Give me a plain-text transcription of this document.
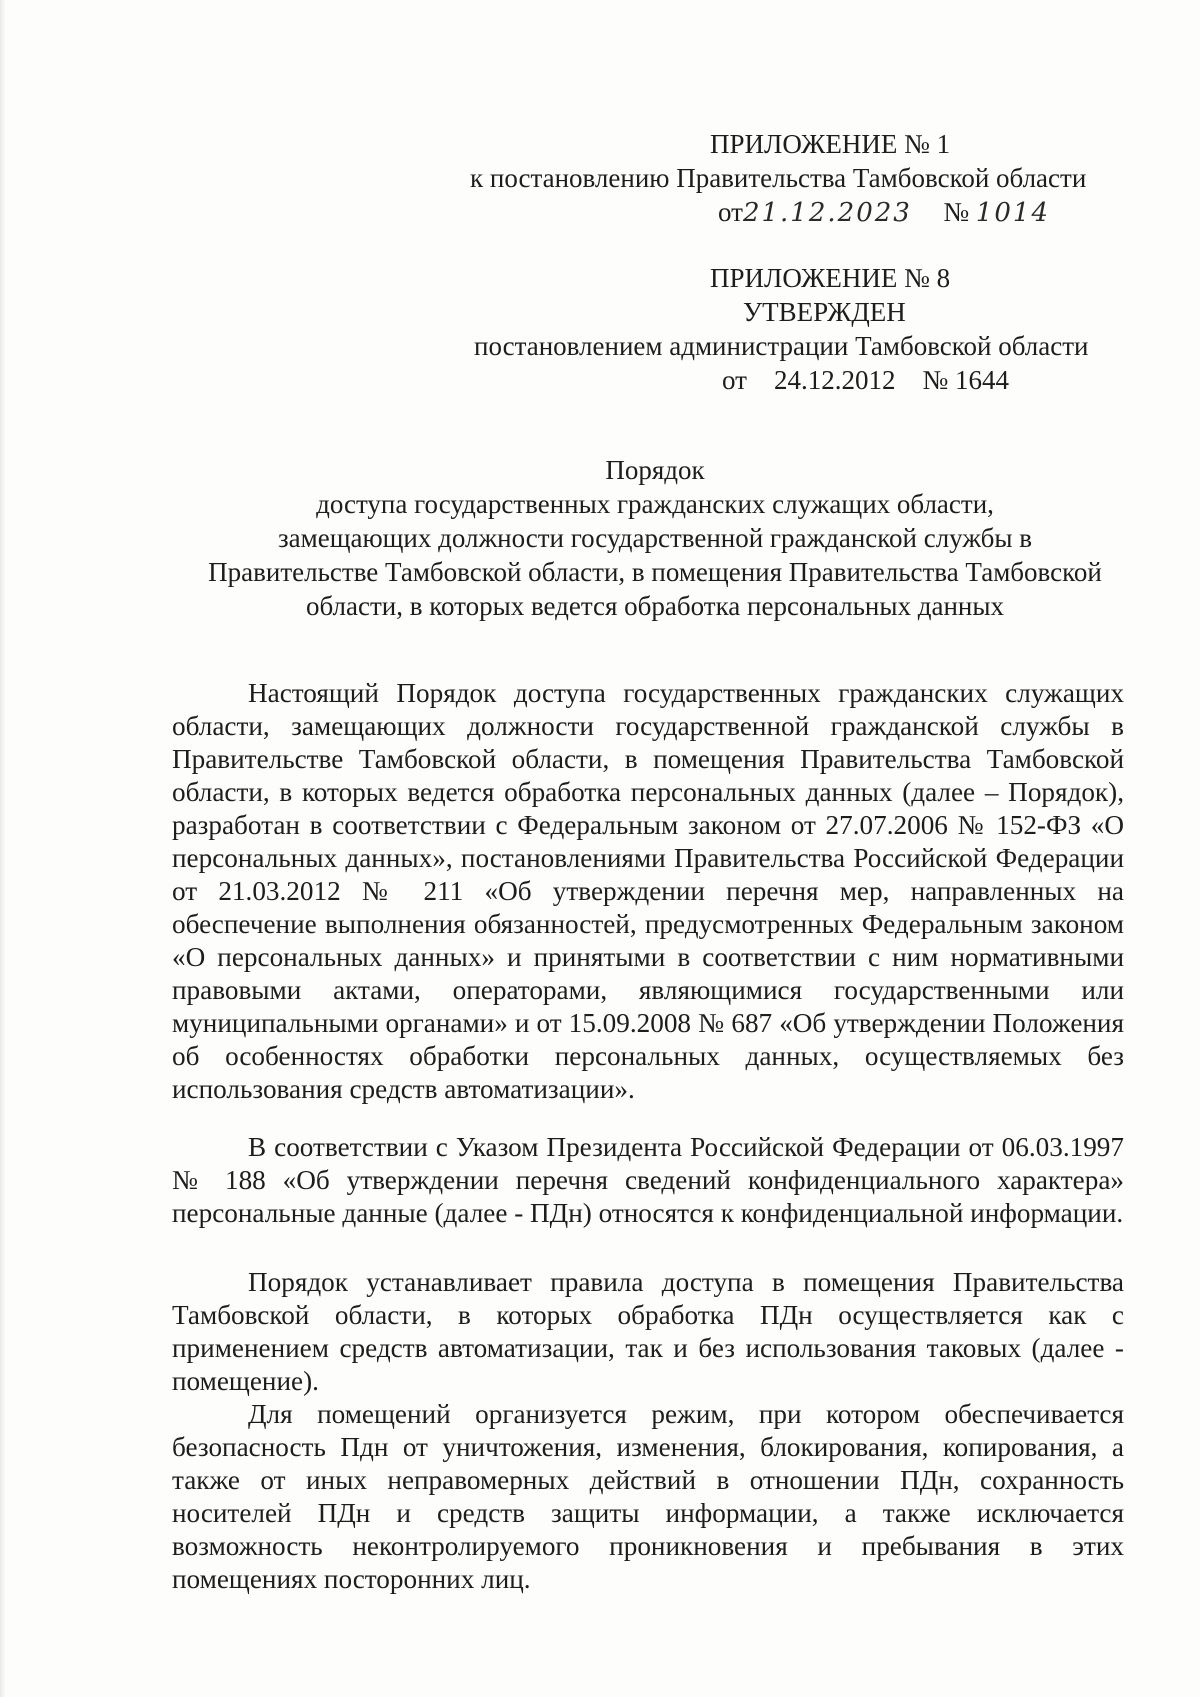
ПРИЛОЖЕНИЕ № 1

к постановлению Правительства Тамбовской области

от21.12.2023 № 1014

ПРИЛОЖЕНИЕ № 8

УТВЕРЖДЕН

постановлением администрации Тамбовской области

от    24.12.2012    № 1644

Порядок

доступа государственных гражданских служащих области,

замещающих должности государственной гражданской службы в

Правительстве Тамбовской области, в помещения Правительства Тамбовской

области, в которых ведется обработка персональных данных

Настоящий Порядок доступа государственных гражданских служащих области, замещающих должности государственной гражданской службы в Правительстве Тамбовской области, в помещения Правительства Тамбовской области, в которых ведется обработка персональных данных (далее – Порядок), разработан в соответствии с Федеральным законом от 27.07.2006 № 152-ФЗ «О персональных данных», постановлениями Правительства Российской Федерации от 21.03.2012 № 211 «Об утверждении перечня мер, направленных на обеспечение выполнения обязанностей, предусмотренных Федеральным законом «О персональных данных» и принятыми в соответствии с ним нормативными правовыми актами, операторами, являющимися государственными или муниципальными органами» и от 15.09.2008 № 687 «Об утверждении Положения об особенностях обработки персональных данных, осуществляемых без использования средств автоматизации».

В соответствии с Указом Президента Российской Федерации от 06.03.1997 № 188 «Об утверждении перечня сведений конфиденциального характера» персональные данные (далее - ПДн) относятся к конфиденциальной информации.

Порядок устанавливает правила доступа в помещения Правительства Тамбовской области, в которых обработка ПДн осуществляется как с применением средств автоматизации, так и без использования таковых (далее - помещение).

Для помещений организуется режим, при котором обеспечивается безопасность Пдн от уничтожения, изменения, блокирования, копирования, а также от иных неправомерных действий в отношении ПДн, сохранность носителей ПДн и средств защиты информации, а также исключается возможность неконтролируемого проникновения и пребывания в этих помещениях посторонних лиц.
